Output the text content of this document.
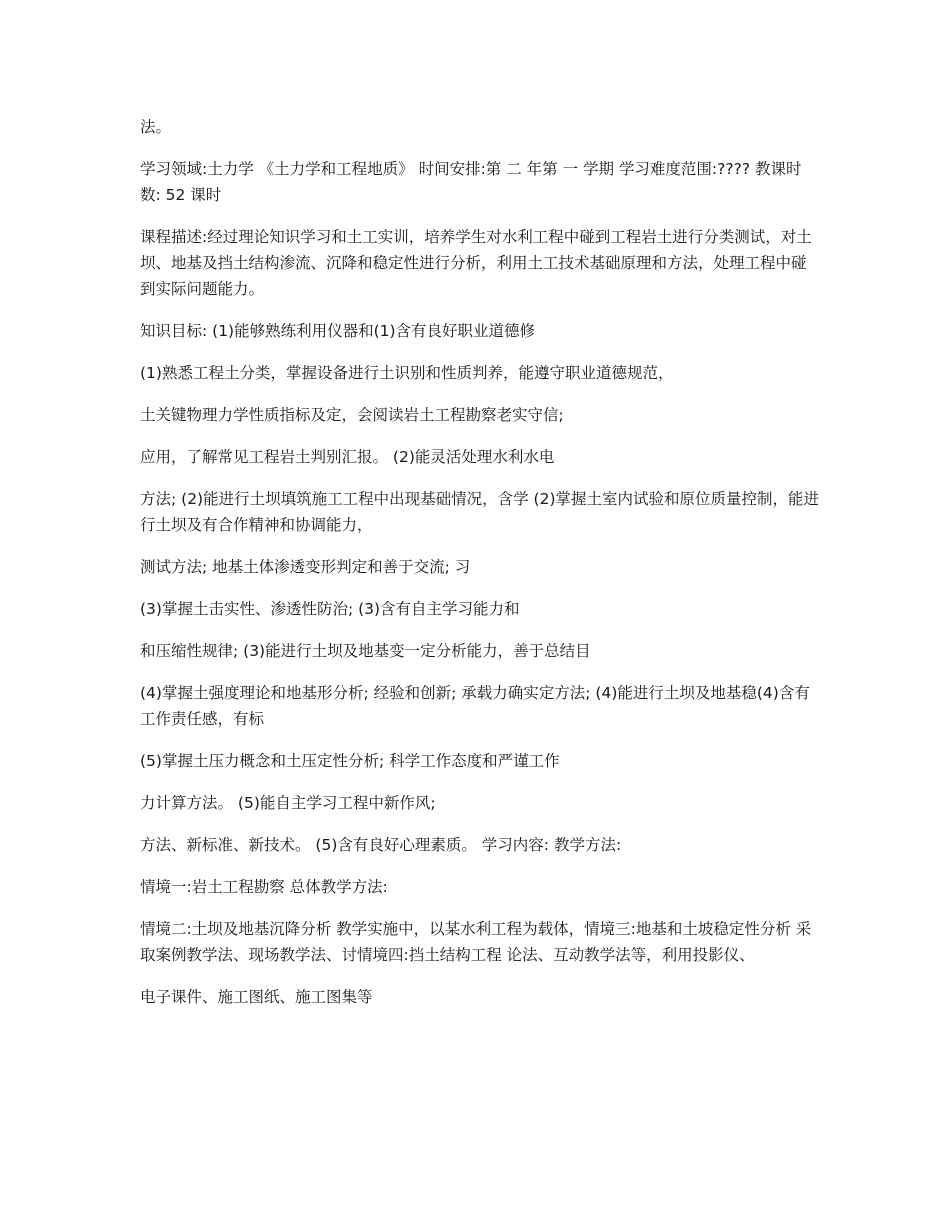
法。

学习领域:土力学 《土力学和工程地质》 时间安排:第 二 年第 一 学期 学习难度范围:???? 教课时数: 52 课时

课程描述:经过理论知识学习和土工实训，培养学生对水利工程中碰到工程岩土进行分类测试，对土坝、地基及挡土结构渗流、沉降和稳定性进行分析，利用土工技术基础原理和方法，处理工程中碰到实际问题能力。

知识目标: (1)能够熟练利用仪器和(1)含有良好职业道德修

(1)熟悉工程土分类，掌握设备进行土识别和性质判养，能遵守职业道德规范，

土关键物理力学性质指标及定，会阅读岩土工程勘察老实守信;

应用，了解常见工程岩土判别汇报。 (2)能灵活处理水利水电

方法; (2)能进行土坝填筑施工工程中出现基础情况，含学 (2)掌握土室内试验和原位质量控制，能进行土坝及有合作精神和协调能力，

测试方法; 地基土体渗透变形判定和善于交流; 习

(3)掌握土击实性、渗透性防治; (3)含有自主学习能力和

和压缩性规律; (3)能进行土坝及地基变一定分析能力，善于总结目

(4)掌握土强度理论和地基形分析; 经验和创新; 承载力确实定方法; (4)能进行土坝及地基稳(4)含有工作责任感，有标

(5)掌握土压力概念和土压定性分析; 科学工作态度和严谨工作

力计算方法。 (5)能自主学习工程中新作风;

方法、新标准、新技术。 (5)含有良好心理素质。 学习内容: 教学方法:

情境一:岩土工程勘察 总体教学方法:

情境二:土坝及地基沉降分析 教学实施中，以某水利工程为载体，情境三:地基和土坡稳定性分析 采取案例教学法、现场教学法、讨情境四:挡土结构工程 论法、互动教学法等，利用投影仪、

电子课件、施工图纸、施工图集等
